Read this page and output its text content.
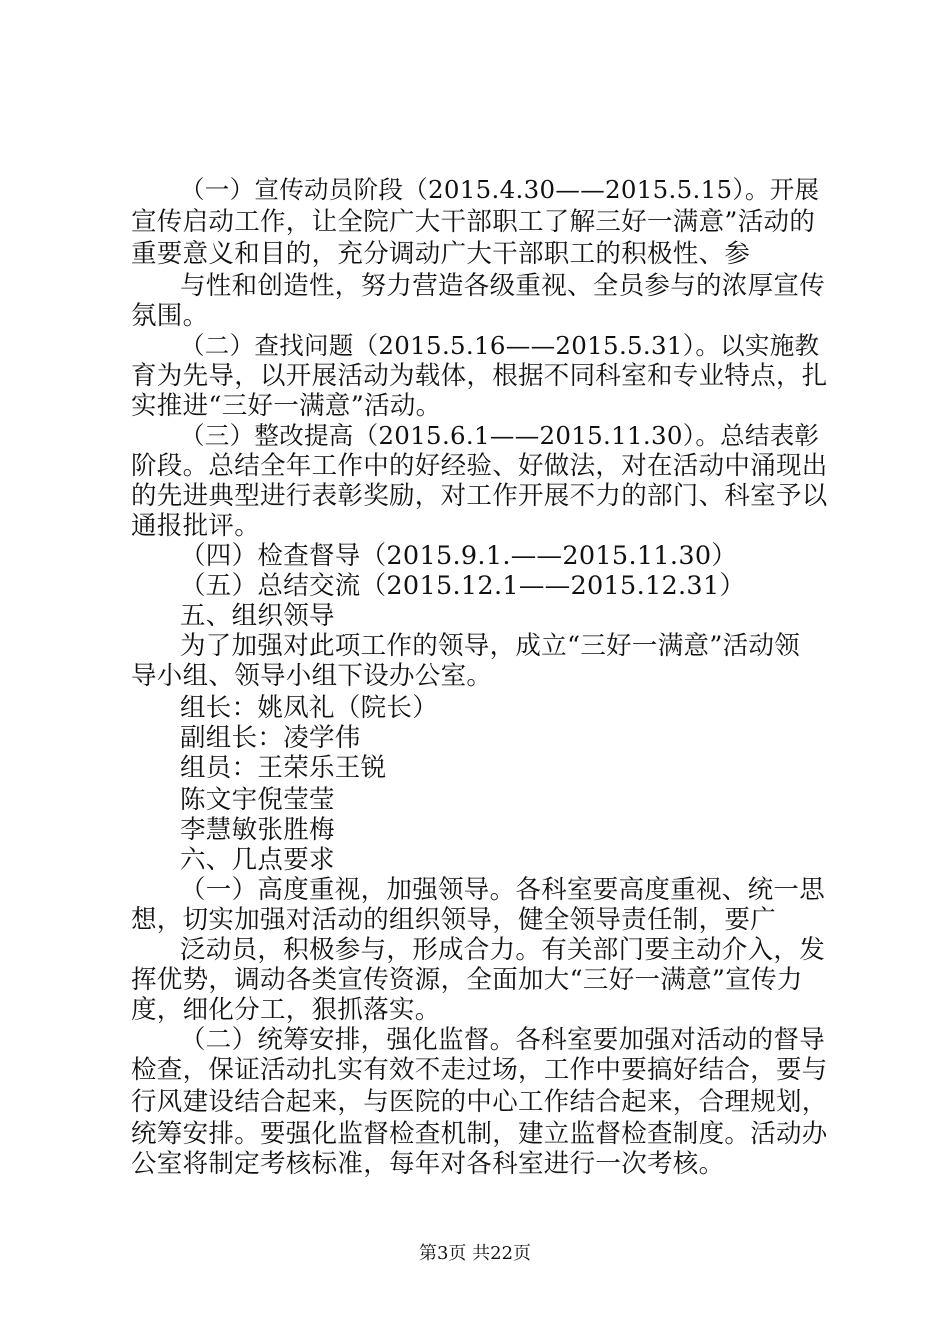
（一）宣传动员阶段（2015.4.30——2015.5.15）。开展
宣传启动工作，让全院广大干部职工了解三好一满意”活动的
重要意义和目的，充分调动广大干部职工的积极性、参
与性和创造性，努力营造各级重视、全员参与的浓厚宣传
氛围。
（二）查找问题（2015.5.16——2015.5.31）。以实施教
育为先导，以开展活动为载体，根据不同科室和专业特点，扎
实推进“三好一满意”活动。
（三）整改提高（2015.6.1——2015.11.30）。总结表彰
阶段。总结全年工作中的好经验、好做法，对在活动中涌现出
的先进典型进行表彰奖励，对工作开展不力的部门、科室予以
通报批评。
（四）检查督导（2015.9.1.——2015.11.30）
（五）总结交流（2015.12.1——2015.12.31）
五、组织领导
为了加强对此项工作的领导，成立“三好一满意”活动领
导小组、领导小组下设办公室。
组长：姚凤礼（院长）
副组长：凌学伟
组员：王荣乐王锐
陈文宇倪莹莹
李慧敏张胜梅
六、几点要求
（一）高度重视，加强领导。各科室要高度重视、统一思
想，切实加强对活动的组织领导，健全领导责任制，要广
泛动员，积极参与，形成合力。有关部门要主动介入，发
挥优势，调动各类宣传资源，全面加大“三好一满意”宣传力
度，细化分工，狠抓落实。
（二）统筹安排，强化监督。各科室要加强对活动的督导
检查，保证活动扎实有效不走过场，工作中要搞好结合，要与
行风建设结合起来，与医院的中心工作结合起来，合理规划，
统筹安排。要强化监督检查机制，建立监督检查制度。活动办
公室将制定考核标准，每年对各科室进行一次考核。
第3页 共22页
